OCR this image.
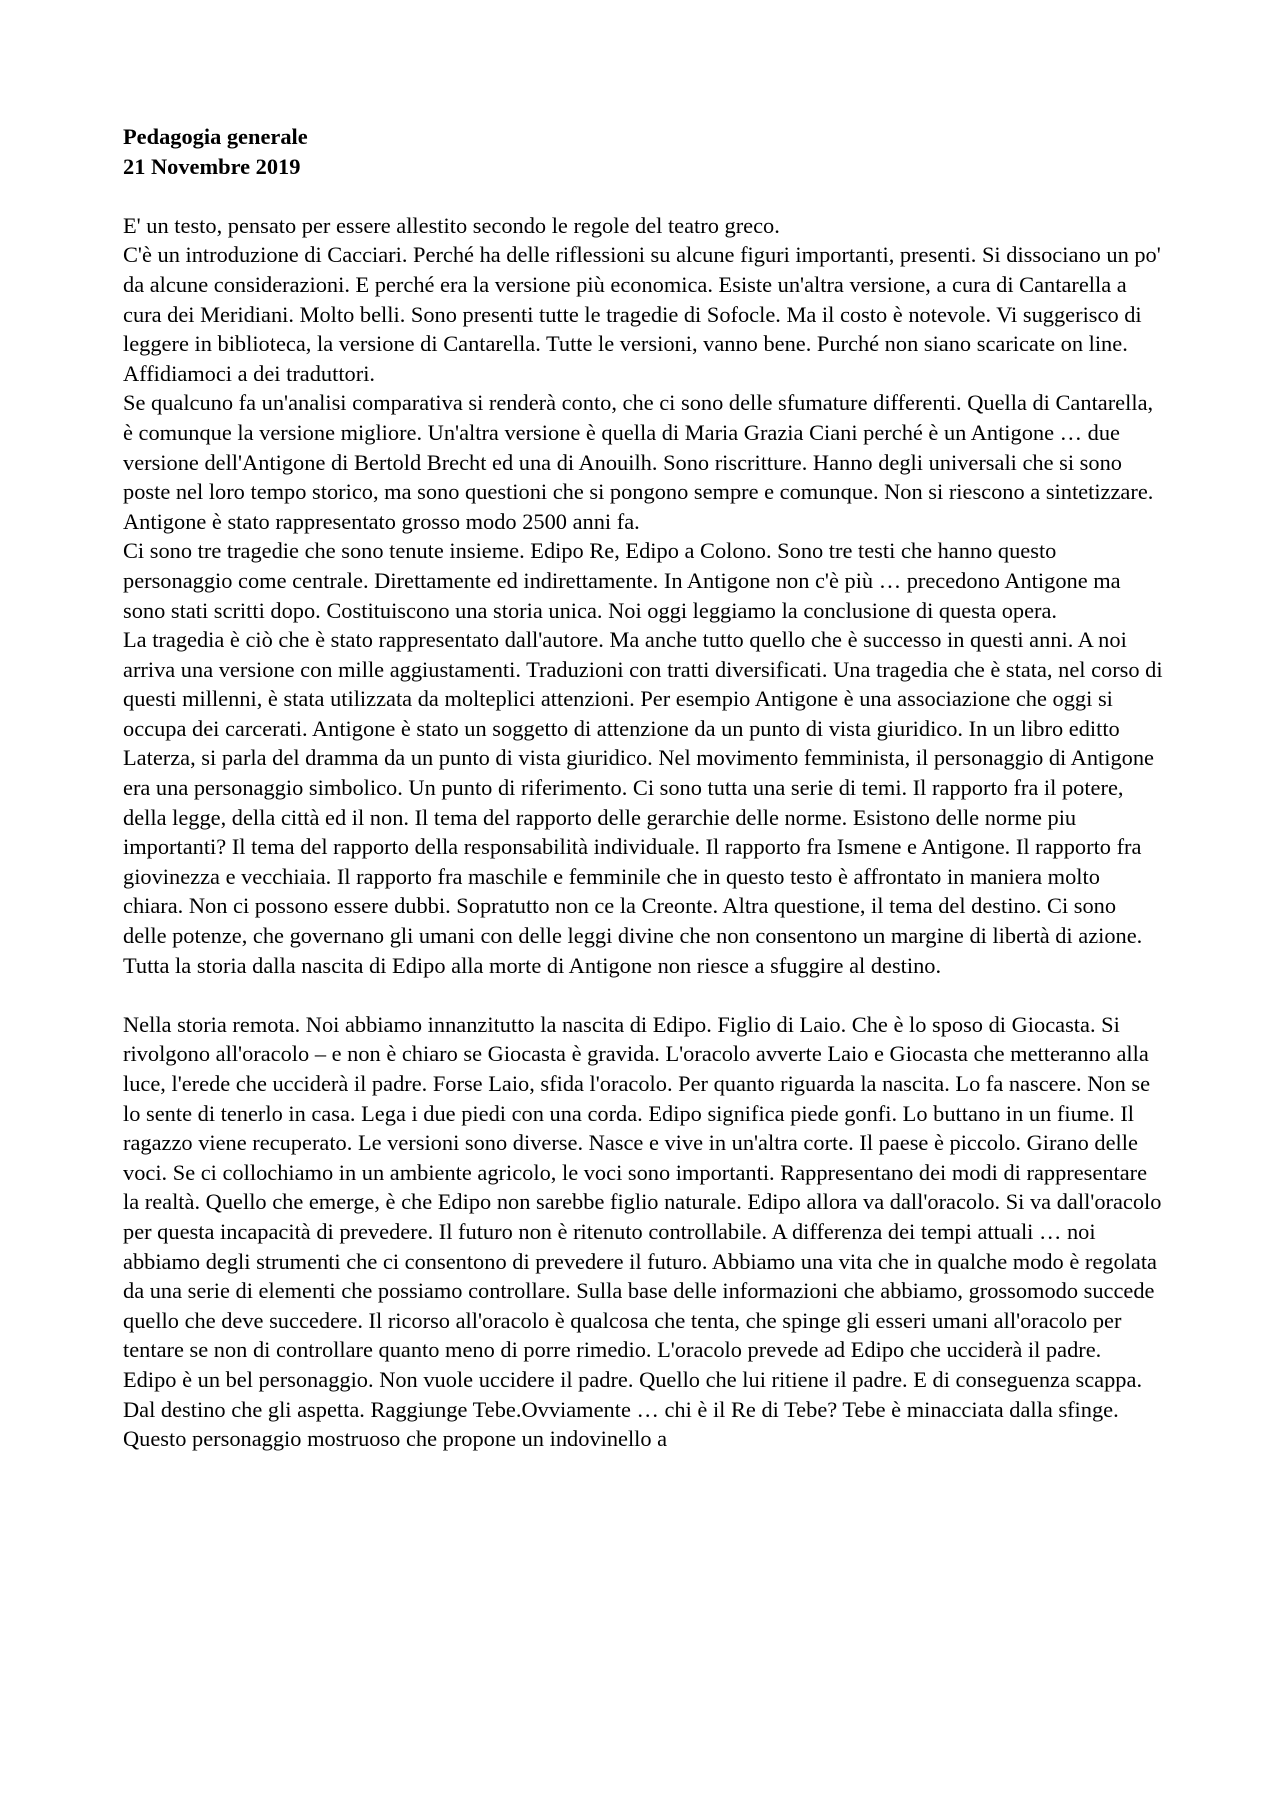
Pedagogia generale

21 Novembre 2019

E' un testo, pensato per essere allestito secondo le regole del teatro greco.

C'è un introduzione di Cacciari. Perché ha delle riflessioni su alcune figuri importanti, presenti. Si dissociano un po' da alcune considerazioni. E perché era la versione più economica. Esiste un'altra versione, a cura di Cantarella a cura dei Meridiani. Molto belli. Sono presenti tutte le tragedie di Sofocle. Ma il costo è notevole. Vi suggerisco di leggere in biblioteca, la versione di Cantarella. Tutte le versioni, vanno bene. Purché non siano scaricate on line. Affidiamoci a dei traduttori.

Se qualcuno fa un'analisi comparativa si renderà conto, che ci sono delle sfumature differenti. Quella di Cantarella, è comunque la versione migliore. Un'altra versione è quella di Maria Grazia Ciani perché è un Antigone … due versione dell'Antigone di Bertold Brecht ed una di Anouilh. Sono riscritture. Hanno degli universali che si sono poste nel loro tempo storico, ma sono questioni che si pongono sempre e comunque. Non si riescono a sintetizzare.

Antigone è stato rappresentato grosso modo 2500 anni fa.

Ci sono tre tragedie che sono tenute insieme. Edipo Re, Edipo a Colono. Sono tre testi che hanno questo personaggio come centrale. Direttamente ed indirettamente. In Antigone non c'è più … precedono Antigone ma sono stati scritti dopo. Costituiscono una storia unica. Noi oggi leggiamo la conclusione di questa opera.

La tragedia è ciò che è stato rappresentato dall'autore. Ma anche tutto quello che è successo in questi anni. A noi arriva una versione con mille aggiustamenti. Traduzioni con tratti diversificati. Una tragedia che è stata, nel corso di questi millenni, è stata utilizzata da molteplici attenzioni. Per esempio Antigone è una associazione che oggi si occupa dei carcerati. Antigone è stato un soggetto di attenzione da un punto di vista giuridico. In un libro editto Laterza, si parla del dramma da un punto di vista giuridico. Nel movimento femminista, il personaggio di Antigone era una personaggio simbolico. Un punto di riferimento. Ci sono tutta una serie di temi. Il rapporto fra il potere, della legge, della città ed il non. Il tema del rapporto delle gerarchie delle norme. Esistono delle norme piu importanti? Il tema del rapporto della responsabilità individuale. Il rapporto fra Ismene e Antigone. Il rapporto fra giovinezza e vecchiaia. Il rapporto fra maschile e femminile che in questo testo è affrontato in maniera molto chiara. Non ci possono essere dubbi. Sopratutto non ce la Creonte. Altra questione, il tema del destino. Ci sono delle potenze, che governano gli umani con delle leggi divine che non consentono un margine di libertà di azione. Tutta la storia dalla nascita di Edipo alla morte di Antigone non riesce a sfuggire al destino.

Nella storia remota. Noi abbiamo innanzitutto la nascita di Edipo. Figlio di Laio. Che è lo sposo di Giocasta. Si rivolgono all'oracolo – e non è chiaro se Giocasta è gravida. L'oracolo avverte Laio e Giocasta che metteranno alla luce, l'erede che ucciderà il padre. Forse Laio, sfida l'oracolo. Per quanto riguarda la nascita. Lo fa nascere. Non se lo sente di tenerlo in casa. Lega i due piedi con una corda. Edipo significa piede gonfi. Lo buttano in un fiume. Il ragazzo viene recuperato. Le versioni sono diverse. Nasce e vive in un'altra corte. Il paese è piccolo. Girano delle voci. Se ci collochiamo in un ambiente agricolo, le voci sono importanti. Rappresentano dei modi di rappresentare la realtà. Quello che emerge, è che Edipo non sarebbe figlio naturale. Edipo allora va dall'oracolo. Si va dall'oracolo per questa incapacità di prevedere. Il futuro non è ritenuto controllabile. A differenza dei tempi attuali … noi abbiamo degli strumenti che ci consentono di prevedere il futuro. Abbiamo una vita che in qualche modo è regolata da una serie di elementi che possiamo controllare. Sulla base delle informazioni che abbiamo, grossomodo succede quello che deve succedere. Il ricorso all'oracolo è qualcosa che tenta, che spinge gli esseri umani all'oracolo per tentare se non di controllare quanto meno di porre rimedio. L'oracolo prevede ad Edipo che ucciderà il padre.

Edipo è un bel personaggio. Non vuole uccidere il padre. Quello che lui ritiene il padre. E di conseguenza scappa. Dal destino che gli aspetta. Raggiunge Tebe.Ovviamente … chi è il Re di Tebe? Tebe è minacciata dalla sfinge. Questo personaggio mostruoso che propone un indovinello a
